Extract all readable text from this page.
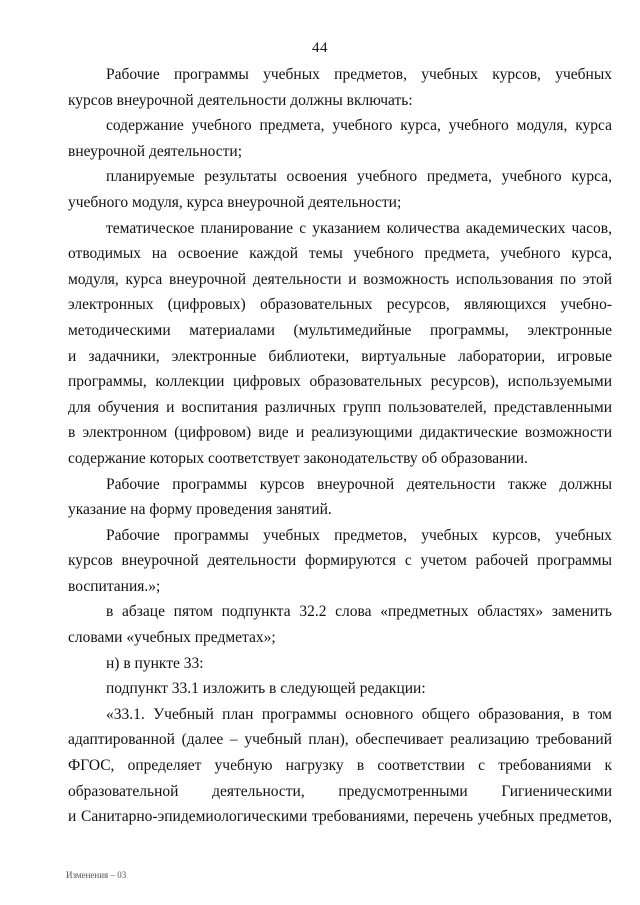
44
Рабочие программы учебных предметов, учебных курсов, учебных
курсов внеурочной деятельности должны включать:
содержание учебного предмета, учебного курса, учебного модуля, курса
внеурочной деятельности;
планируемые результаты освоения учебного предмета, учебного курса,
учебного модуля, курса внеурочной деятельности;
тематическое планирование с указанием количества академических часов,
отводимых на освоение каждой темы учебного предмета, учебного курса,
модуля, курса внеурочной деятельности и возможность использования по этой
электронных (цифровых) образовательных ресурсов, являющихся учебно-
методическими материалами (мультимедийные программы, электронные
и задачники, электронные библиотеки, виртуальные лаборатории, игровые
программы, коллекции цифровых образовательных ресурсов), используемыми
для обучения и воспитания различных групп пользователей, представленными
в электронном (цифровом) виде и реализующими дидактические возможности
содержание которых соответствует законодательству об образовании.
Рабочие программы курсов внеурочной деятельности также должны
указание на форму проведения занятий.
Рабочие программы учебных предметов, учебных курсов, учебных
курсов внеурочной деятельности формируются с учетом рабочей программы
воспитания.»;
в абзаце пятом подпункта 32.2 слова «предметных областях» заменить
словами «учебных предметах»;
н) в пункте 33:
подпункт 33.1 изложить в следующей редакции:
«33.1. Учебный план программы основного общего образования, в том
адаптированной (далее – учебный план), обеспечивает реализацию требований
ФГОС, определяет учебную нагрузку в соответствии с требованиями к
образовательной деятельности, предусмотренными Гигиеническими
и Санитарно-эпидемиологическими требованиями, перечень учебных предметов,
Изменения – 03
